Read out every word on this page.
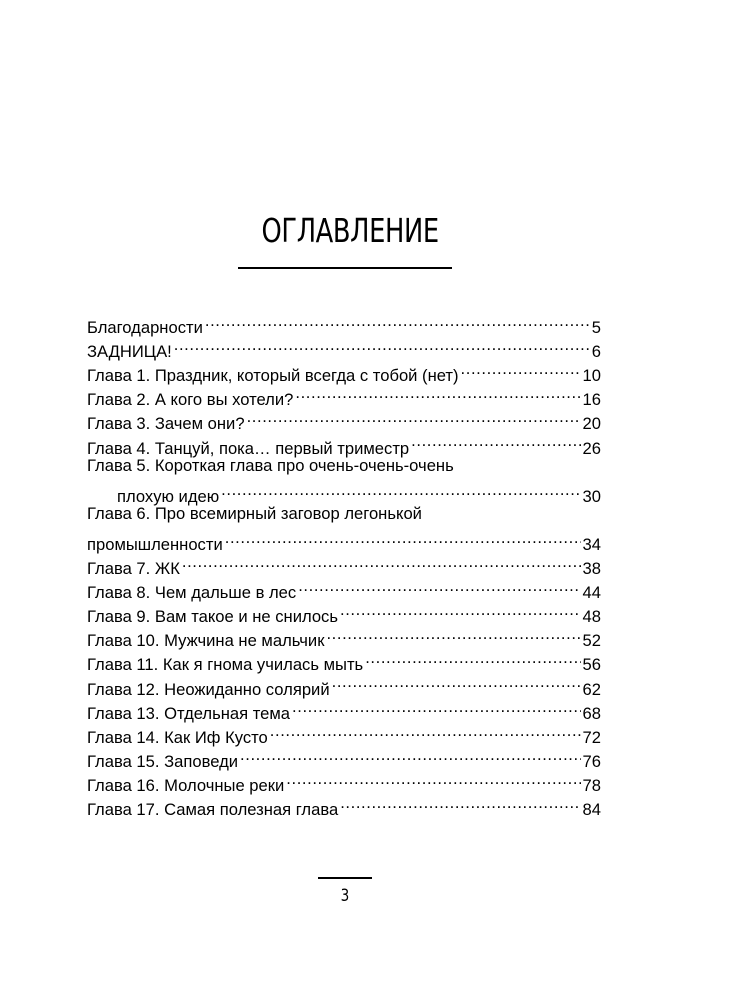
ОГЛАВЛЕНИЕ
Благодарности .....	5
ЗАДНИЦА! .....	6
Глава 1. Праздник, который всегда с тобой (нет) .....	10
Глава 2. А кого вы хотели? .....	16
Глава 3. Зачем они? .....	20
Глава 4. Танцуй, пока… первый триместр .....	26
Глава 5. Короткая глава про очень-очень-очень
плохую идею .....	30
Глава 6. Про всемирный заговор легонькой
промышленности .....	34
Глава 7. ЖК .....	38
Глава 8. Чем дальше в лес .....	44
Глава 9. Вам такое и не снилось .....	48
Глава 10. Мужчина не мальчик .....	52
Глава 11. Как я гнома училась мыть .....	56
Глава 12. Неожиданно солярий .....	62
Глава 13. Отдельная тема .....	68
Глава 14. Как Иф Кусто .....	72
Глава 15. Заповеди .....	76
Глава 16. Молочные реки .....	78
Глава 17. Самая полезная глава .....	84
3
